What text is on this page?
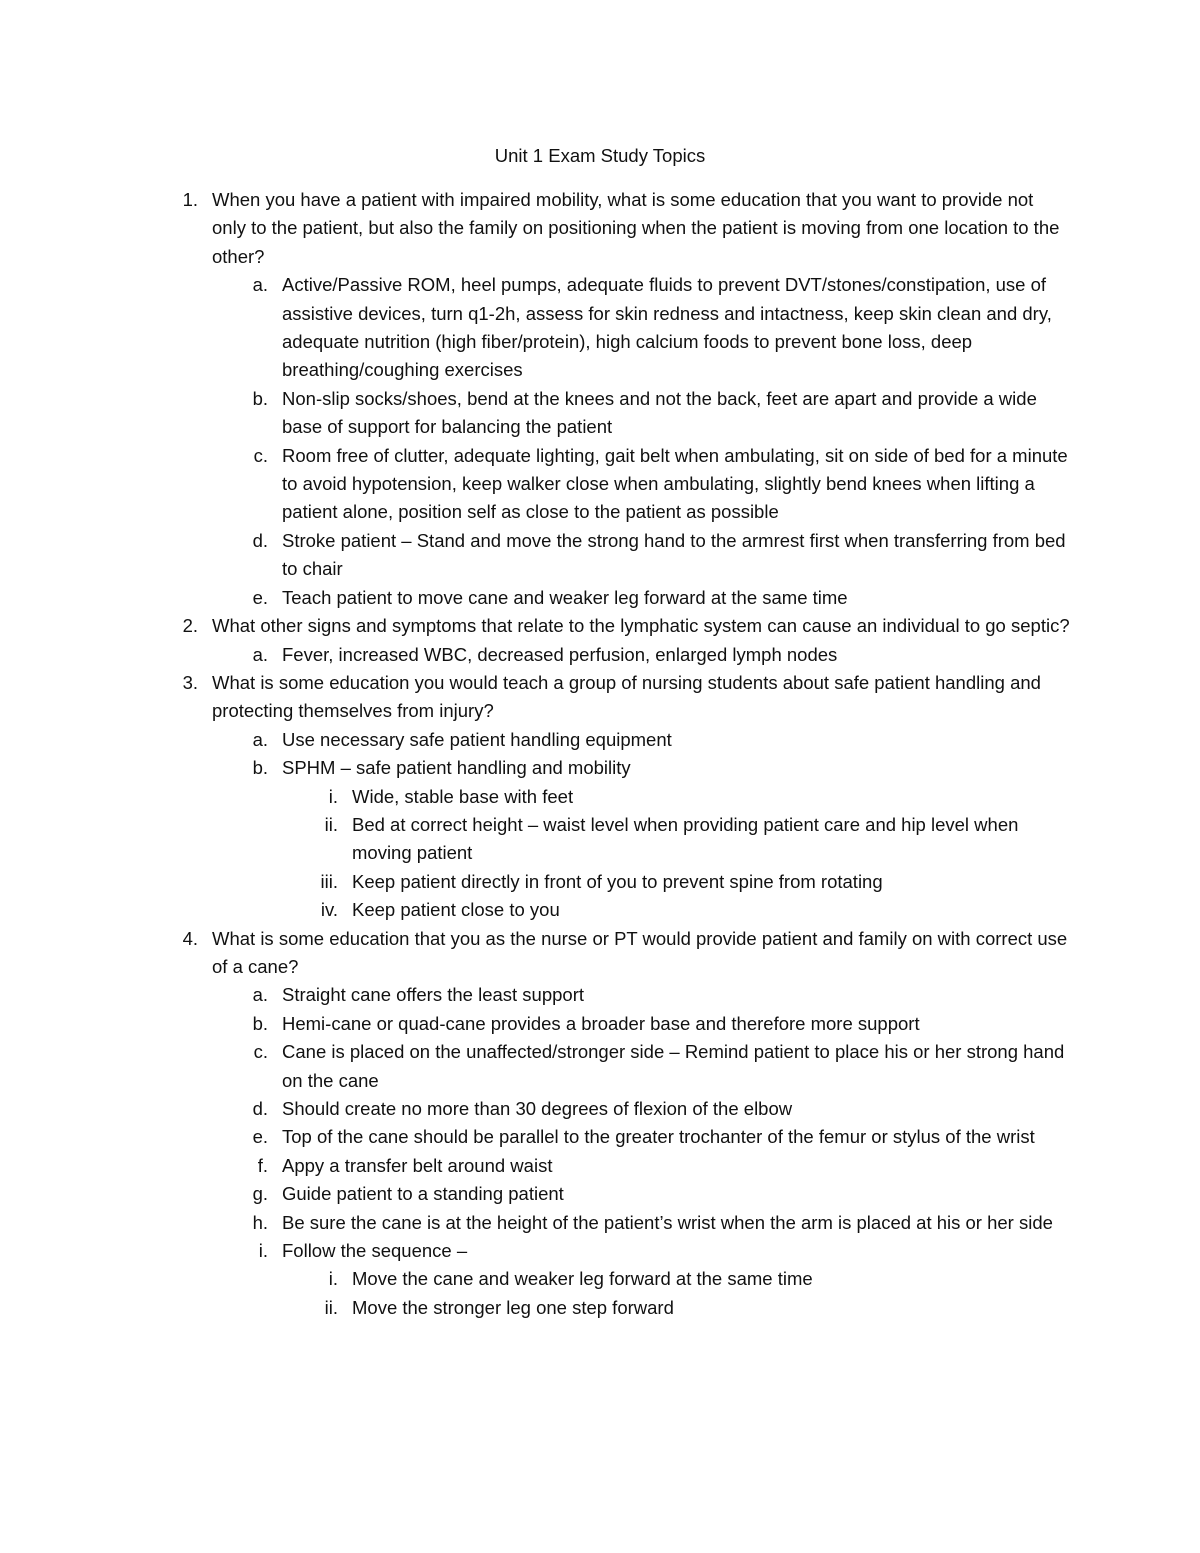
Unit 1 Exam Study Topics
1. When you have a patient with impaired mobility, what is some education that you want to provide not only to the patient, but also the family on positioning when the patient is moving from one location to the other?
a. Active/Passive ROM, heel pumps, adequate fluids to prevent DVT/stones/constipation, use of assistive devices, turn q1-2h, assess for skin redness and intactness, keep skin clean and dry, adequate nutrition (high fiber/protein), high calcium foods to prevent bone loss, deep breathing/coughing exercises
b. Non-slip socks/shoes, bend at the knees and not the back, feet are apart and provide a wide base of support for balancing the patient
c. Room free of clutter, adequate lighting, gait belt when ambulating, sit on side of bed for a minute to avoid hypotension, keep walker close when ambulating, slightly bend knees when lifting a patient alone, position self as close to the patient as possible
d. Stroke patient – Stand and move the strong hand to the armrest first when transferring from bed to chair
e. Teach patient to move cane and weaker leg forward at the same time
2. What other signs and symptoms that relate to the lymphatic system can cause an individual to go septic?
a. Fever, increased WBC, decreased perfusion, enlarged lymph nodes
3. What is some education you would teach a group of nursing students about safe patient handling and protecting themselves from injury?
a. Use necessary safe patient handling equipment
b. SPHM – safe patient handling and mobility
i. Wide, stable base with feet
ii. Bed at correct height – waist level when providing patient care and hip level when moving patient
iii. Keep patient directly in front of you to prevent spine from rotating
iv. Keep patient close to you
4. What is some education that you as the nurse or PT would provide patient and family on with correct use of a cane?
a. Straight cane offers the least support
b. Hemi-cane or quad-cane provides a broader base and therefore more support
c. Cane is placed on the unaffected/stronger side – Remind patient to place his or her strong hand on the cane
d. Should create no more than 30 degrees of flexion of the elbow
e. Top of the cane should be parallel to the greater trochanter of the femur or stylus of the wrist
f. Appy a transfer belt around waist
g. Guide patient to a standing patient
h. Be sure the cane is at the height of the patient’s wrist when the arm is placed at his or her side
i. Follow the sequence –
i. Move the cane and weaker leg forward at the same time
ii. Move the stronger leg one step forward
